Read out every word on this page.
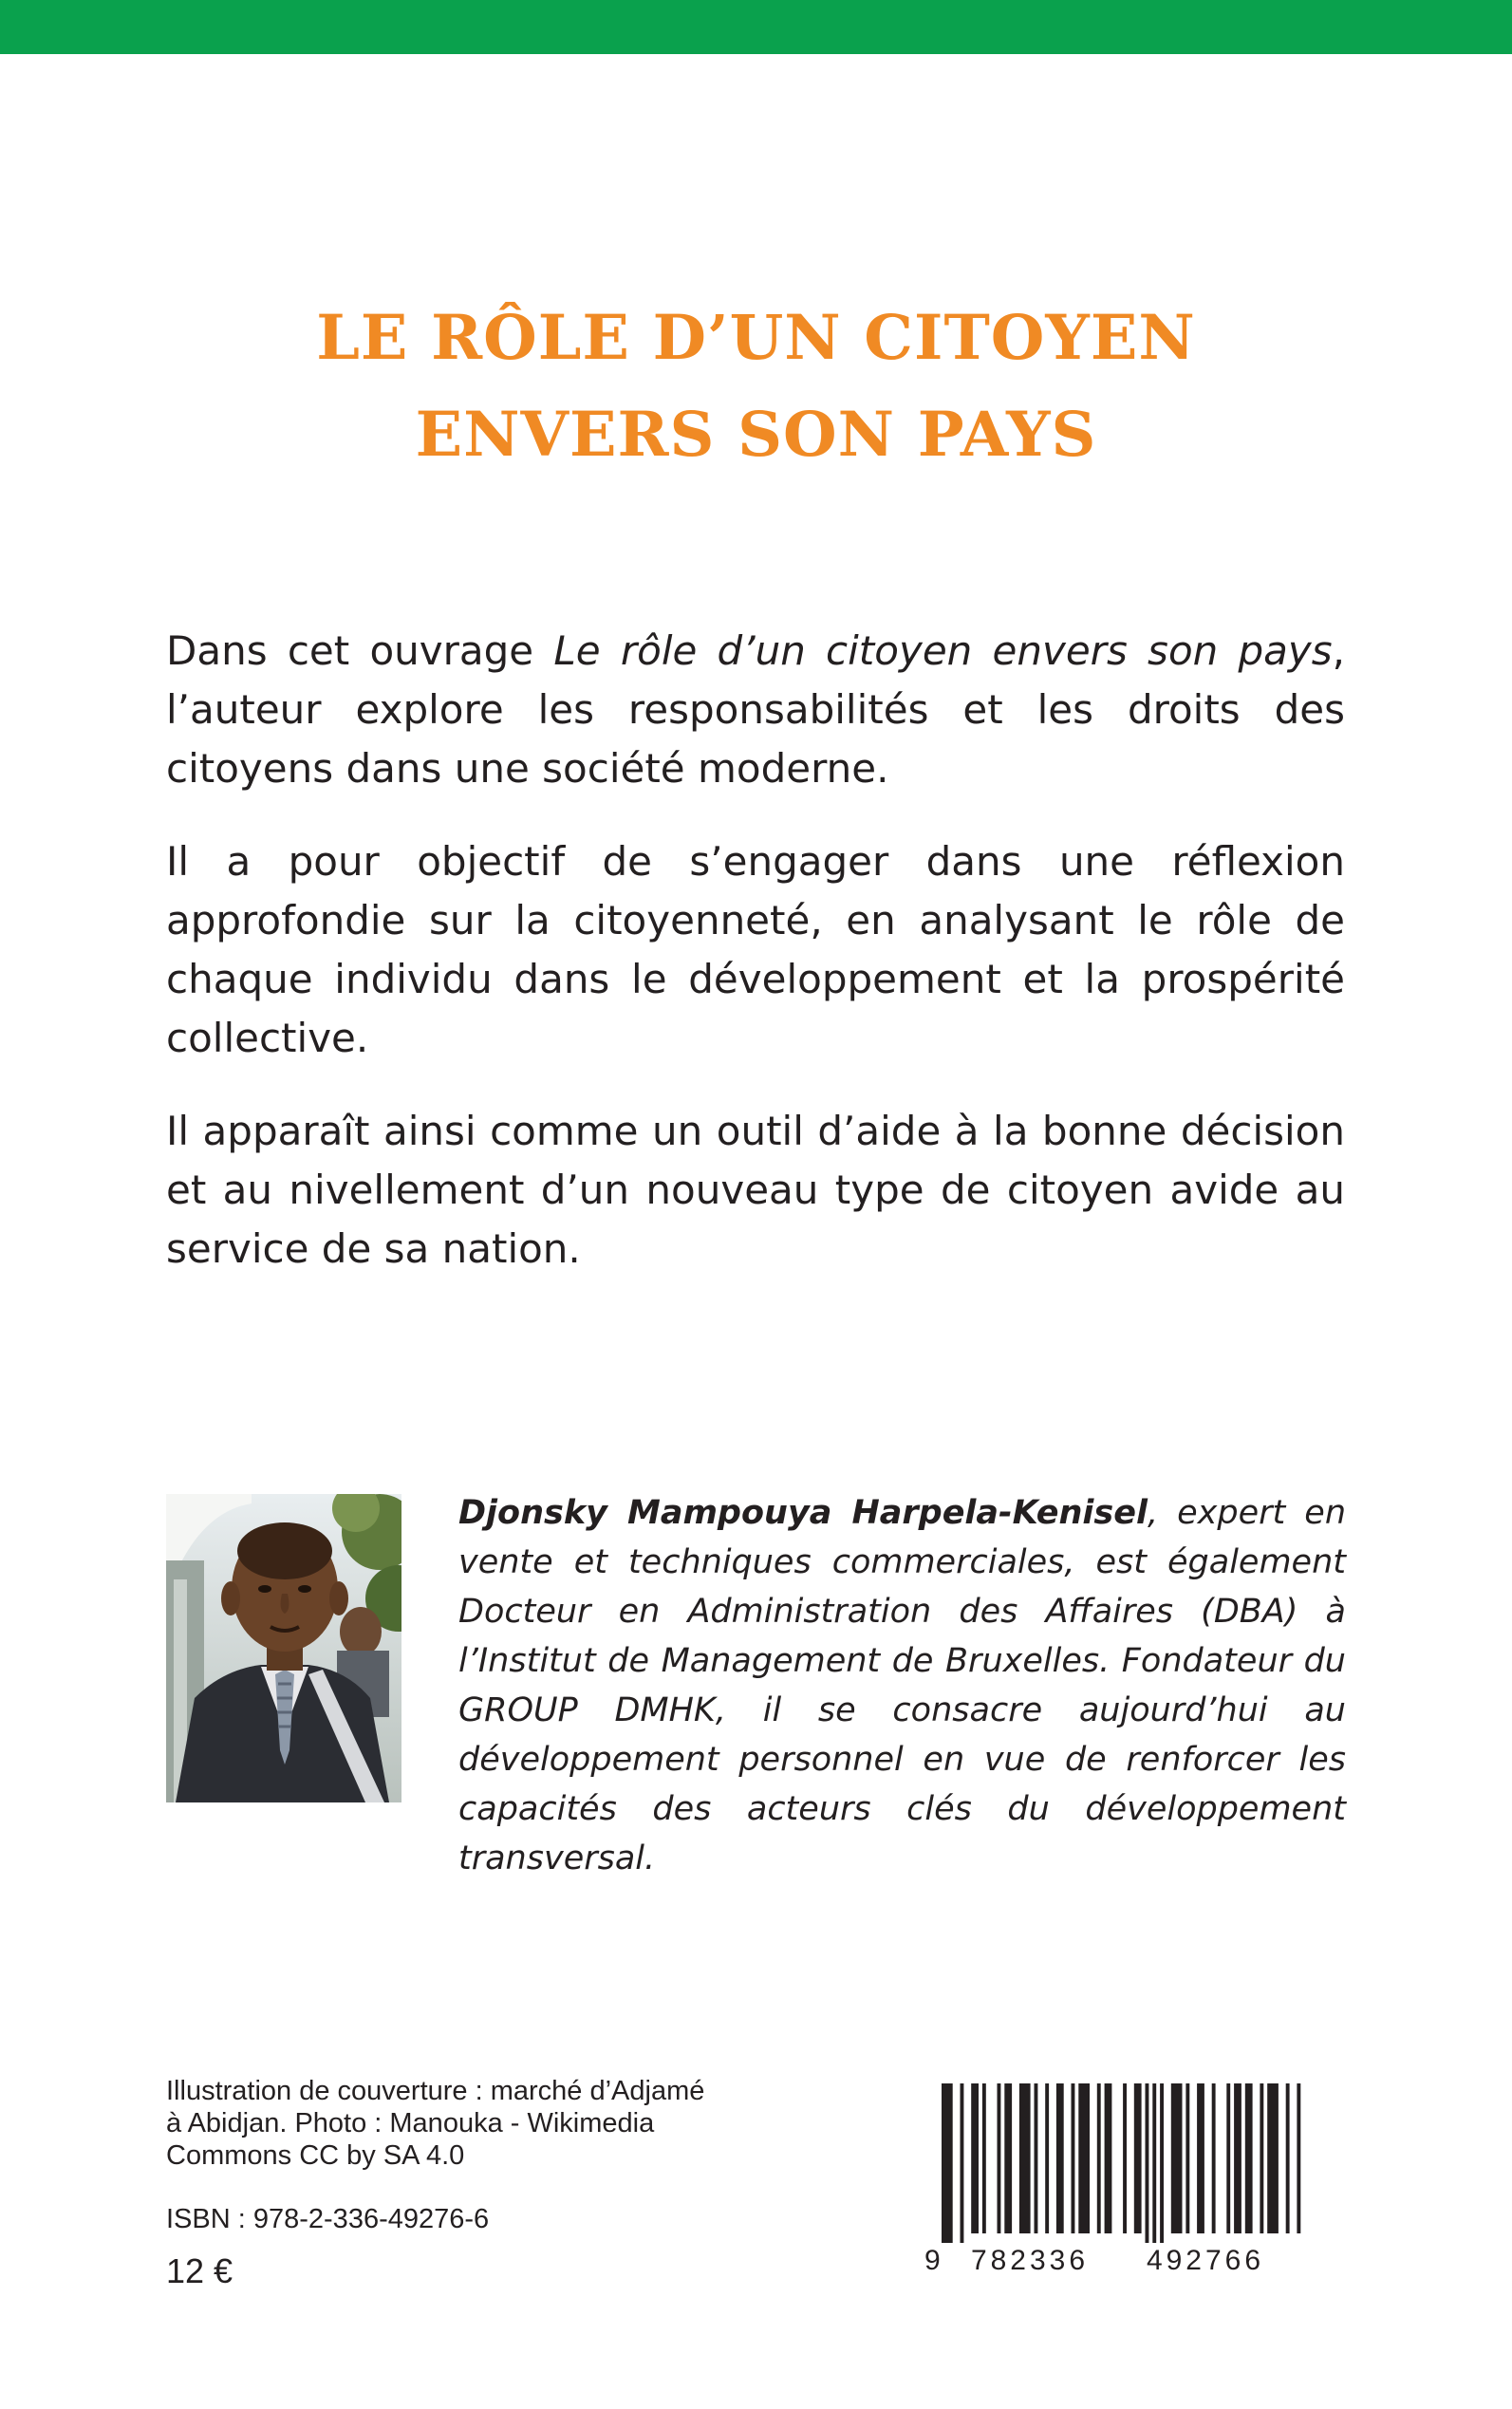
LE RÔLE D’UN CITOYEN
ENVERS SON PAYS

Dans cet ouvrage Le rôle d’un citoyen envers son pays, l’auteur explore les responsabilités et les droits des citoyens dans une société moderne.

Il a pour objectif de s’engager dans une réflexion approfondie sur la citoyenneté, en analysant le rôle de chaque individu dans le développement et la prospérité collective.

Il apparaît ainsi comme un outil d’aide à la bonne décision et au nivellement d’un nouveau type de citoyen avide au service de sa nation.

Djonsky Mampouya Harpela-Kenisel, expert en vente et techniques commerciales, est également Docteur en Administration des Affaires (DBA) à l’Institut de Management de Bruxelles. Fondateur du GROUP DMHK, il se consacre aujourd’hui au développement personnel en vue de renforcer les capacités des acteurs clés du développement transversal.
Illustration de couverture : marché d’Adjamé
à Abidjan. Photo : Manouka - Wikimedia
Commons CC by SA 4.0
ISBN : 978-2-336-49276-6
12 €	9 782336 492766
